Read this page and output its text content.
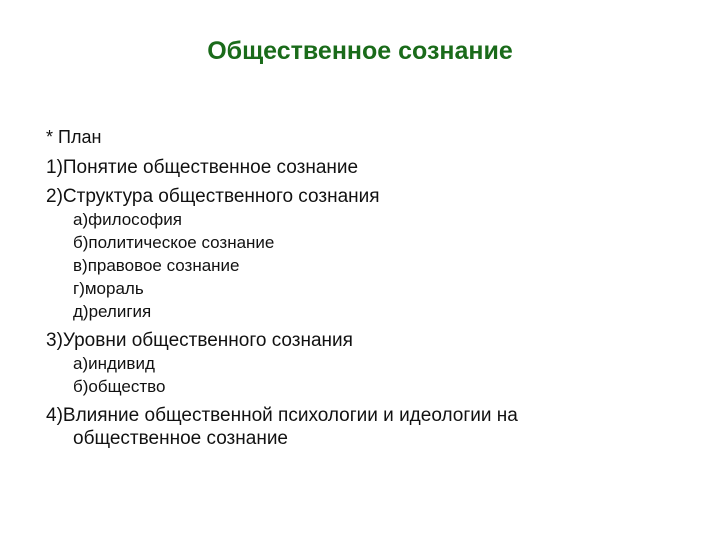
Общественное сознание
* План
1)Понятие общественное сознание
2)Структура общественного сознания
а)философия
б)политическое сознание
в)правовое сознание
г)мораль
д)религия
3)Уровни общественного сознания
а)индивид
б)общество
4)Влияние общественной психологии и идеологии на
общественное сознание
